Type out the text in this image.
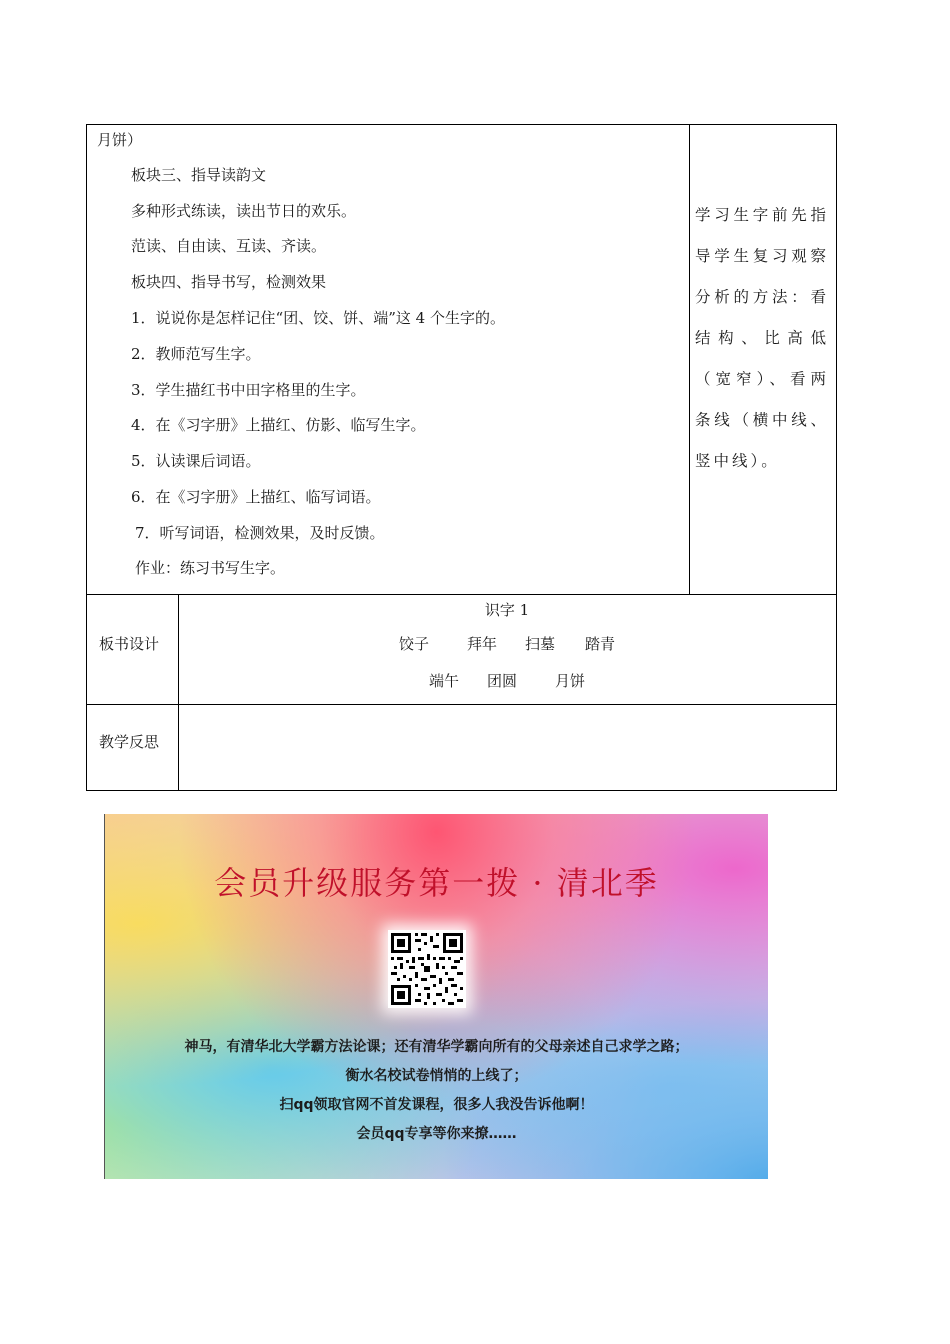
月饼）
板块三、指导读韵文
多种形式练读，读出节日的欢乐。
范读、自由读、互读、齐读。
板块四、指导书写，检测效果
1．说说你是怎样记住“团、饺、饼、端”这 4 个生字的。
2．教师范写生字。
3．学生描红书中田字格里的生字。
4．在《习字册》上描红、仿影、临写生字。
5．认读课后词语。
6．在《习字册》上描红、临写词语。
7．听写词语，检测效果，及时反馈。
作业：练习书写生字。
学习生字前先指导学生复习观察分析的方法：看结构、比高低（宽窄）、看两条线（横中线、竖中线）。
板书设计
识字 1
饺子	拜年 扫墓 踏青
端午 团圆	月饼
教学反思
会员升级服务第一拨 · 清北季
神马，有清华北大学霸方法论课；还有清华学霸向所有的父母亲述自己求学之路；
衡水名校试卷悄悄的上线了；
扫qq领取官网不首发课程，很多人我没告诉他啊！
会员qq专享等你来撩……
